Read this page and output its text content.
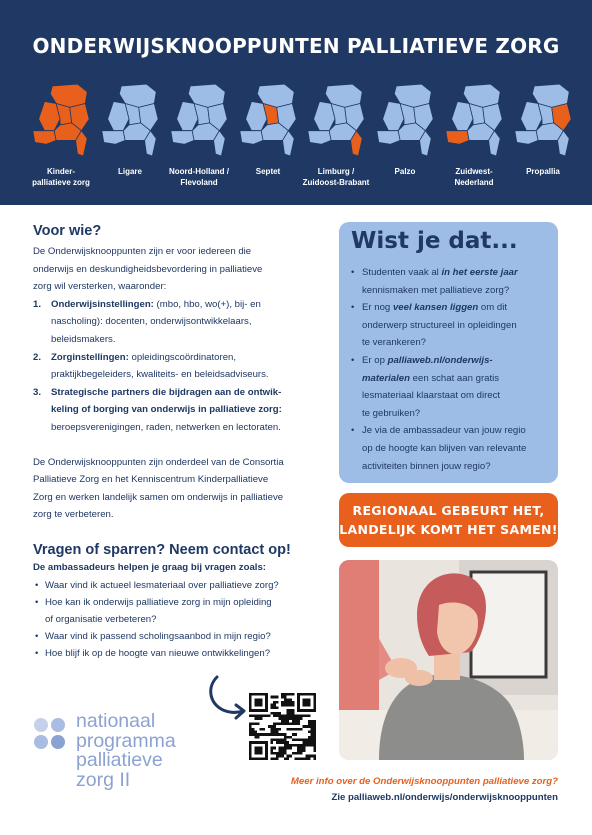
ONDERWIJSKNOOPPUNTEN PALLIATIEVE ZORG
Kinder-
palliatieve zorg
Ligare	Noord-Holland /
Flevoland
Septet	Limburg /
Zuidoost-Brabant
Palzo	Zuidwest-
Nederland
Propallia
Voor wie?
De Onderwijsknooppunten zijn er voor iedereen die
onderwijs en deskundigheidsbevordering in palliatieve
zorg wil versterken, waaronder:
1. Onderwijsinstellingen: (mbo, hbo, wo(+), bij- en
nascholing): docenten, onderwijsontwikkelaars,
beleidsmakers.
2. Zorginstellingen: opleidingscoördinatoren,
praktijkbegeleiders, kwaliteits- en beleidsadviseurs.
3. Strategische partners die bijdragen aan de ontwik-
keling of borging van onderwijs in palliatieve zorg:
beroepsverenigingen, raden, netwerken en lectoraten.
De Onderwijsknooppunten zijn onderdeel van de Consortia
Palliatieve Zorg en het Kenniscentrum Kinderpalliatieve
Zorg en werken landelijk samen om onderwijs in palliatieve
zorg te verbeteren.
Vragen of sparren? Neem contact op!
De ambassadeurs helpen je graag bij vragen zoals:
• Waar vind ik actueel lesmateriaal over palliatieve zorg?
• Hoe kan ik onderwijs palliatieve zorg in mijn opleiding
of organisatie verbeteren?
• Waar vind ik passend scholingsaanbod in mijn regio?
• Hoe blijf ik op de hoogte van nieuwe ontwikkelingen?
Wist je dat...
• Studenten vaak al in het eerste jaar
kennismaken met palliatieve zorg?
• Er nog veel kansen liggen om dit
onderwerp structureel in opleidingen
te verankeren?
• Er op palliaweb.nl/onderwijs-
materialen een schat aan gratis
lesmateriaal klaarstaat om direct
te gebruiken?
• Je via de ambassadeur van jouw regio
op de hoogte kan blijven van relevante
activiteiten binnen jouw regio?
REGIONAAL GEBEURT HET,
LANDELIJK KOMT HET SAMEN!
nationaal
programma
palliatieve
zorg II	Meer info over de Onderwijsknooppunten palliatieve zorg?
Zie palliaweb.nl/onderwijs/onderwijsknooppunten
